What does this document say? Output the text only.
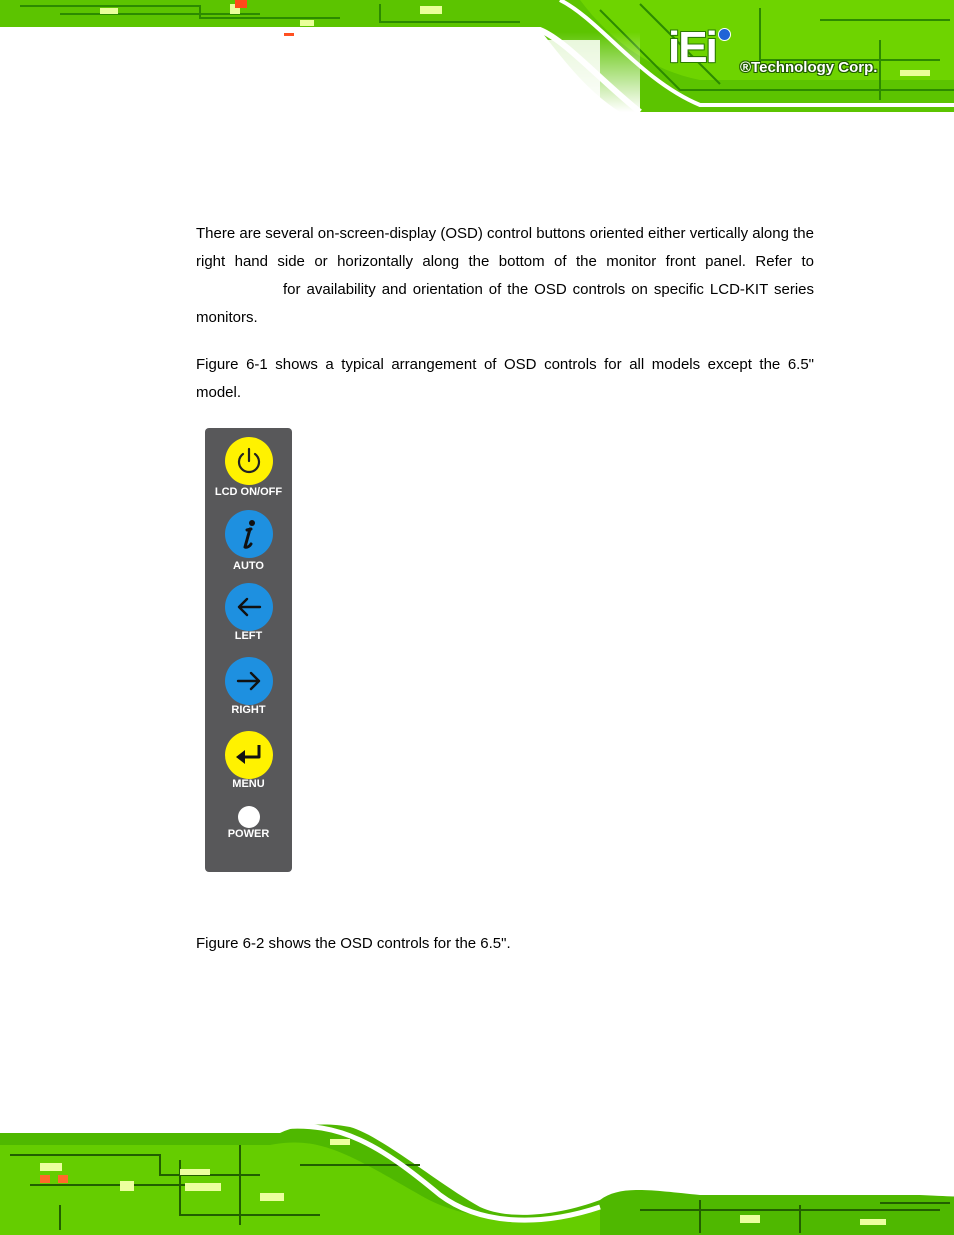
iEi ®Technology Corp.
There are several on-screen-display (OSD) control buttons oriented either vertically along the right hand side or horizontally along the bottom of the monitor front panel. Refer to for availability and orientation of the OSD controls on specific LCD-KIT series monitors.
Figure 6-1 shows a typical arrangement of OSD controls for all models except the 6.5" model.
LCD ON/OFF
AUTO
LEFT
RIGHT
MENU
POWER
Figure 6-2 shows the OSD controls for the 6.5".
